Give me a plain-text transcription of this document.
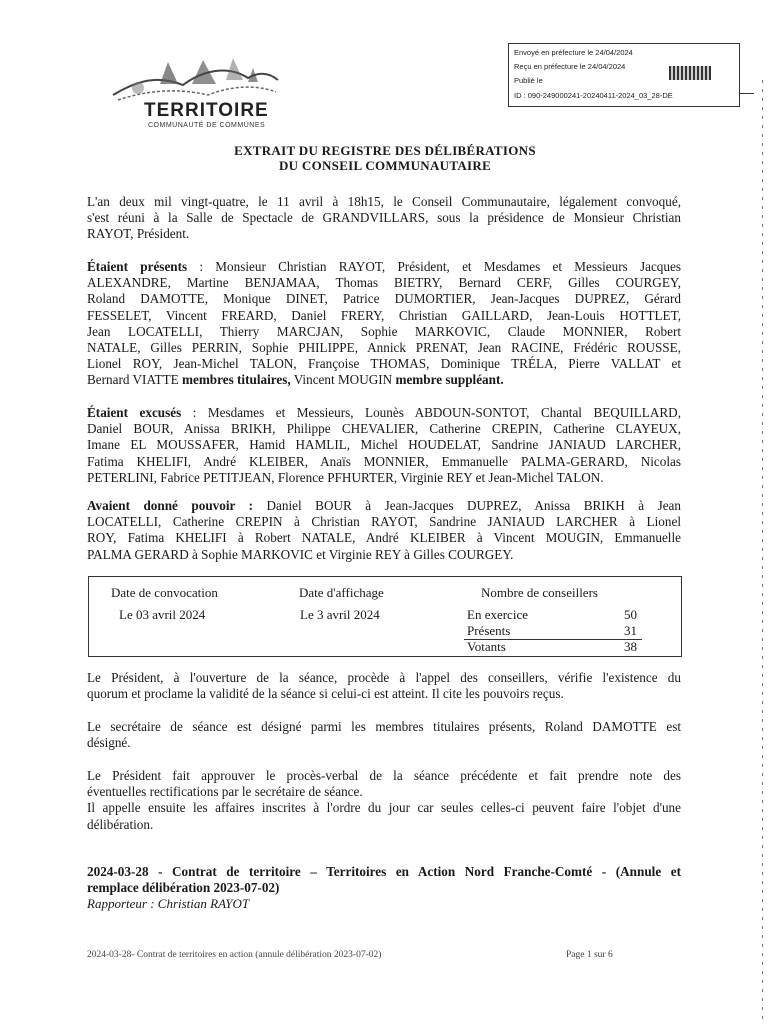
TERRITOIRE
COMMUNAUTÉ DE COMMUNES
Envoyé en préfecture le 24/04/2024
Reçu en préfecture le 24/04/2024
Publié le
ID : 090-249000241-20240411-2024_03_28-DE
EXTRAIT DU REGISTRE DES DÉLIBÉRATIONS
DU CONSEIL COMMUNAUTAIRE
L'an deux mil vingt-quatre, le 11 avril à 18h15, le Conseil Communautaire, légalement convoqué,
s'est réuni à la Salle de Spectacle de GRANDVILLARS, sous la présidence de Monsieur Christian
RAYOT, Président.
Étaient présents : Monsieur Christian RAYOT, Président, et Mesdames et Messieurs Jacques
ALEXANDRE, Martine BENJAMAA, Thomas BIETRY, Bernard CERF, Gilles COURGEY,
Roland DAMOTTE, Monique DINET, Patrice DUMORTIER, Jean-Jacques DUPREZ, Gérard
FESSELET, Vincent FREARD, Daniel FRERY, Christian GAILLARD, Jean-Louis HOTTLET,
Jean LOCATELLI, Thierry MARCJAN, Sophie MARKOVIC, Claude MONNIER, Robert
NATALE, Gilles PERRIN, Sophie PHILIPPE, Annick PRENAT, Jean RACINE, Frédéric ROUSSE,
Lionel ROY, Jean-Michel TALON, Françoise THOMAS, Dominique TRÉLA, Pierre VALLAT et
Bernard VIATTE membres titulaires, Vincent MOUGIN membre suppléant.
Étaient excusés : Mesdames et Messieurs, Lounès ABDOUN-SONTOT, Chantal BEQUILLARD,
Daniel BOUR, Anissa BRIKH, Philippe CHEVALIER, Catherine CREPIN, Catherine CLAYEUX,
Imane EL MOUSSAFER, Hamid HAMLIL, Michel HOUDELAT, Sandrine JANIAUD LARCHER,
Fatima KHELIFI, André KLEIBER, Anaïs MONNIER, Emmanuelle PALMA-GERARD, Nicolas
PETERLINI, Fabrice PETITJEAN, Florence PFHURTER, Virginie REY et Jean-Michel TALON.
Avaient donné pouvoir : Daniel BOUR à Jean-Jacques DUPREZ, Anissa BRIKH à Jean
LOCATELLI, Catherine CREPIN à Christian RAYOT, Sandrine JANIAUD LARCHER à Lionel
ROY, Fatima KHELIFI à Robert NATALE, André KLEIBER à Vincent MOUGIN, Emmanuelle
PALMA GERARD à Sophie MARKOVIC et Virginie REY à Gilles COURGEY.
Date de convocation	Date d'affichage	Nombre de conseillers
Le 03 avril 2024	Le 3 avril 2024	En exercice	50
Présents	31
Votants	38
Le Président, à l'ouverture de la séance, procède à l'appel des conseillers, vérifie l'existence du
quorum et proclame la validité de la séance si celui-ci est atteint. Il cite les pouvoirs reçus.
Le secrétaire de séance est désigné parmi les membres titulaires présents, Roland DAMOTTE est
désigné.
Le Président fait approuver le procès-verbal de la séance précédente et fait prendre note des
éventuelles rectifications par le secrétaire de séance.
Il appelle ensuite les affaires inscrites à l'ordre du jour car seules celles-ci peuvent faire l'objet d'une
délibération.
2024-03-28 - Contrat de territoire – Territoires en Action Nord Franche-Comté - (Annule et
remplace délibération 2023-07-02)
Rapporteur : Christian RAYOT
2024-03-28- Contrat de territoires en action (annule délibération 2023-07-02)	Page 1 sur 6
